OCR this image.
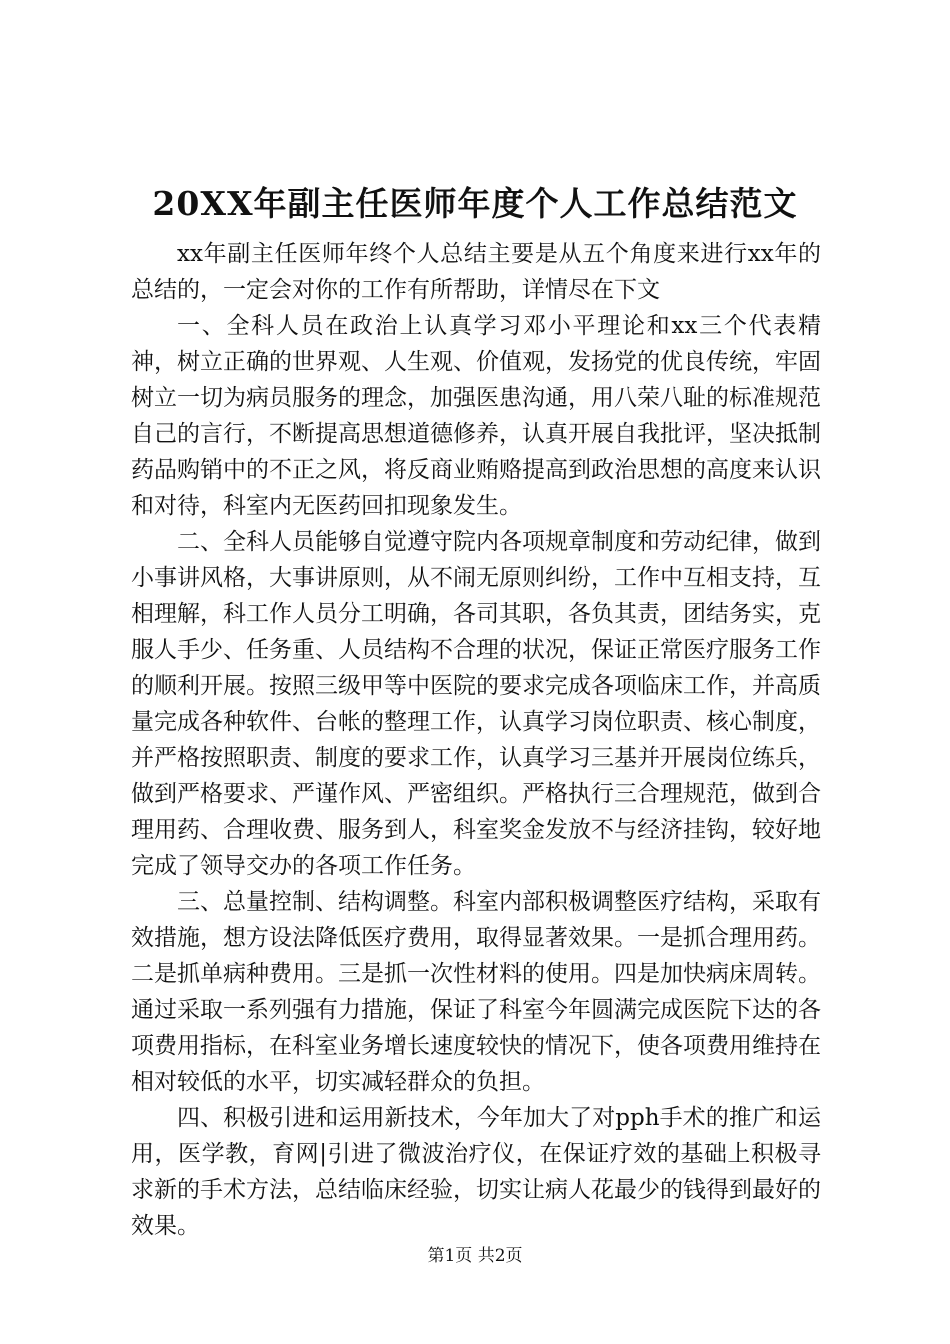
20XX年副主任医师年度个人工作总结范文

xx年副主任医师年终个人总结主要是从五个角度来进行xx年的总结的，一定会对你的工作有所帮助，详情尽在下文

一、全科人员在政治上认真学习邓小平理论和xx三个代表精神，树立正确的世界观、人生观、价值观，发扬党的优良传统，牢固树立一切为病员服务的理念，加强医患沟通，用八荣八耻的标准规范自己的言行，不断提高思想道德修养，认真开展自我批评，坚决抵制药品购销中的不正之风，将反商业贿赂提高到政治思想的高度来认识和对待，科室内无医药回扣现象发生。

二、全科人员能够自觉遵守院内各项规章制度和劳动纪律，做到小事讲风格，大事讲原则，从不闹无原则纠纷，工作中互相支持，互相理解，科工作人员分工明确，各司其职，各负其责，团结务实，克服人手少、任务重、人员结构不合理的状况，保证正常医疗服务工作的顺利开展。按照三级甲等中医院的要求完成各项临床工作，并高质量完成各种软件、台帐的整理工作，认真学习岗位职责、核心制度，并严格按照职责、制度的要求工作，认真学习三基并开展岗位练兵，做到严格要求、严谨作风、严密组织。严格执行三合理规范，做到合理用药、合理收费、服务到人，科室奖金发放不与经济挂钩，较好地完成了领导交办的各项工作任务。

三、总量控制、结构调整。科室内部积极调整医疗结构，采取有效措施，想方设法降低医疗费用，取得显著效果。一是抓合理用药。二是抓单病种费用。三是抓一次性材料的使用。四是加快病床周转。通过采取一系列强有力措施，保证了科室今年圆满完成医院下达的各项费用指标，在科室业务增长速度较快的情况下，使各项费用维持在相对较低的水平，切实减轻群众的负担。

四、积极引进和运用新技术，今年加大了对pph手术的推广和运用，医学教，育网|引进了微波治疗仪，在保证疗效的基础上积极寻求新的手术方法，总结临床经验，切实让病人花最少的钱得到最好的效果。

第1页 共2页
